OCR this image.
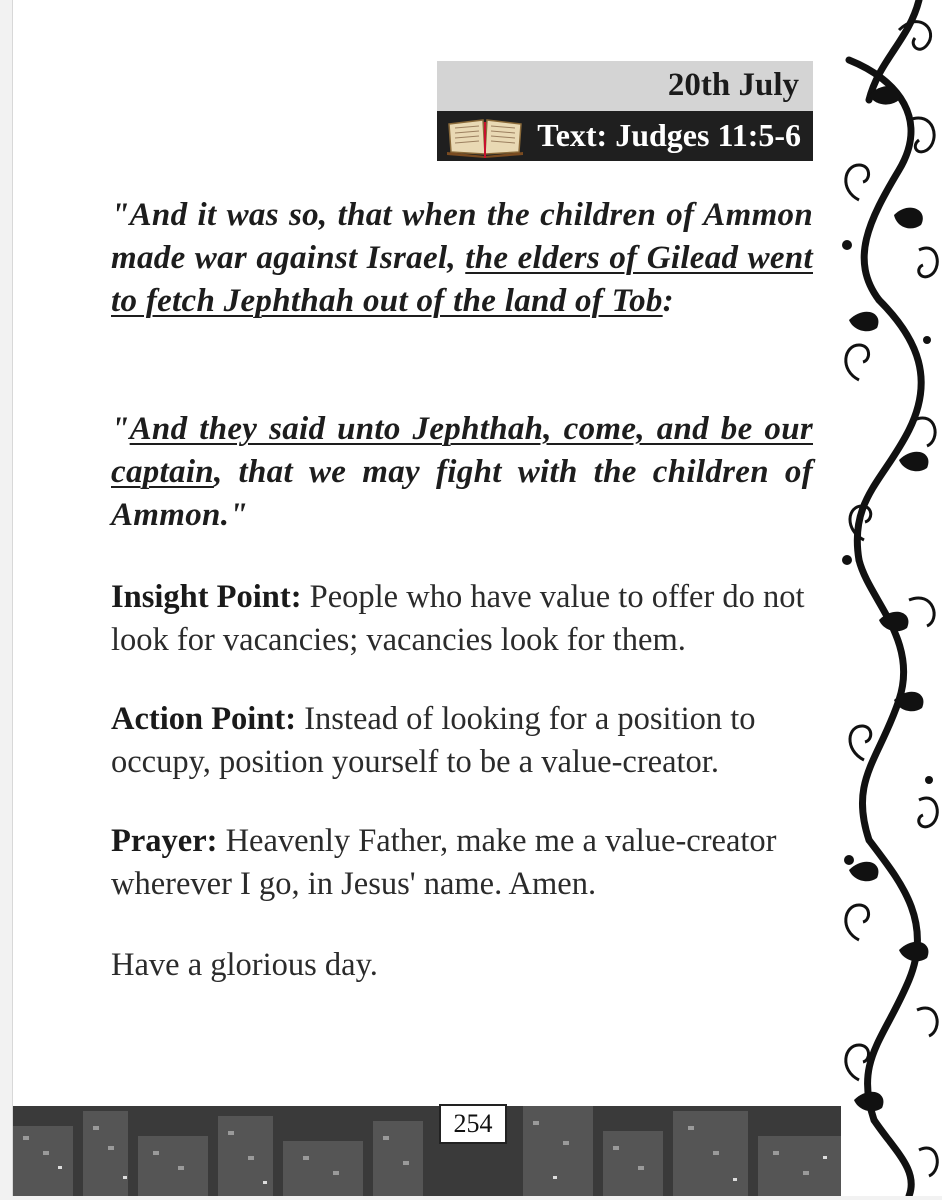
20th July
Text: Judges 11:5-6
"And it was so, that when the children of Ammon made war against Israel, the elders of Gilead went to fetch Jephthah out of the land of Tob:
"And they said unto Jephthah, come, and be our captain, that we may fight with the children of Ammon."
Insight Point: People who have value to offer do not look for vacancies; vacancies look for them.
Action Point: Instead of looking for a position to occupy, position yourself to be a value-creator.
Prayer: Heavenly Father, make me a value-creator wherever I go, in Jesus' name. Amen.
Have a glorious day.
254
